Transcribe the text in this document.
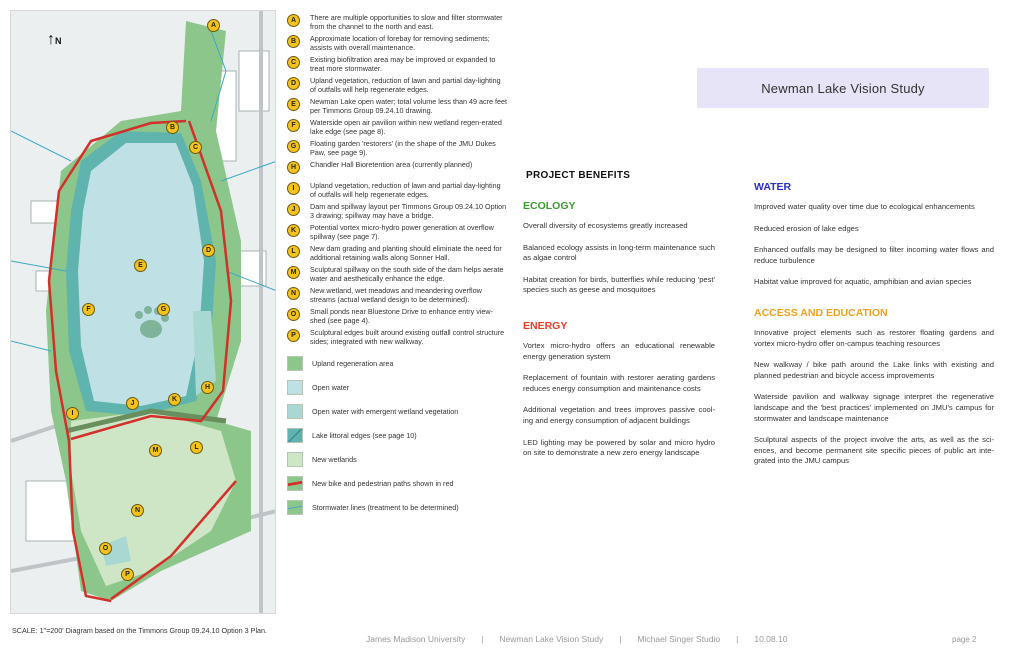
↑N
A
B
C
D
E
F	G
H
I
J
K
L
M
N
O
P
A	There are multiple opportunities to slow and filter stormwater from the channel to the north and east.
B	Approximate location of forebay for removing sediments; assists with overall maintenance.
C	Existing biofiltration area may be improved or expanded to treat more stormwater.
D	Upland vegetation, reduction of lawn and partial day-lighting of outfalls will help regenerate edges.
E	Newman Lake open water; total volume less than 49 acre feet per Timmons Group 09.24.10 drawing.
F	Waterside open air pavilion within new wetland regen-erated lake edge (see page 8).
G	Floating garden 'restorers' (in the shape of the JMU Dukes Paw, see page 9).
H	Chandler Hall Bioretention area (currently planned)
I	Upland vegetation, reduction of lawn and partial day-lighting of outfalls will help regenerate edges.
J	Dam and spillway layout per Timmons Group 09.24.10 Option 3 drawing; spillway may have a bridge.
K	Potential vortex micro-hydro power generation at overflow spillway (see page 7).
L	New dam grading and planting should eliminate the need for additional retaining walls along Sonner Hall.
M	Sculptural spillway on the south side of the dam helps aerate water and aesthetically enhance the edge.
N	New wetland, wet meadows and meandering overflow streams (actual wetland design to be determined).
O	Small ponds near Bluestone Drive to enhance entry view-shed (see page 4).
P	Sculptural edges built around existing outfall control structure sides; integrated with new walkway.
Upland regeneration area
Open water
Open water with emergent wetland vegetation
Lake littoral edges (see page 10)
New wetlands
New bike and pedestrian paths shown in red
Stormwater lines (treatment to be determined)
Newman Lake Vision Study
PROJECT BENEFITS
ECOLOGY
Overall diversity of ecosystems greatly increased
Balanced ecology assists in long-term maintenance such as algae control
Habitat creation for birds, butterflies while reducing 'pest' species such as geese and mosquitoes
ENERGY
Vortex micro-hydro offers an educational renewable energy generation system
Replacement of fountain with restorer aerating gardens reduces energy consumption and maintenance costs
Additional vegetation and trees improves passive cool-ing and energy consumption of adjacent buildings
LED lighting may be powered by solar and micro hydro on site to demonstrate a new zero energy landscape
WATER
Improved water quality over time due to ecological enhancements
Reduced erosion of lake edges
Enhanced outfalls may be designed to filter incoming water flows and reduce turbulence
Habitat value improved for aquatic, amphibian and avian species
ACCESS AND EDUCATION
Innovative project elements such as restorer floating gardens and vortex micro-hydro offer on-campus teaching resources
New walkway / bike path around the Lake links with existing and planned pedestrian and bicycle access improvements
Waterside pavilion and walkway signage interpret the regenerative landscape and the 'best practices' implemented on JMU's campus for stormwater and landscape maintenance
Sculptural aspects of the project involve the arts, as well as the sci-ences, and become permanent site specific pieces of public art inte-grated into the JMU campus
SCALE: 1"=200' Diagram based on the Timmons Group 09.24.10 Option 3 Plan.
James Madison University | Newman Lake Vision Study | Michael Singer Studio | 10.08.10	page 2
